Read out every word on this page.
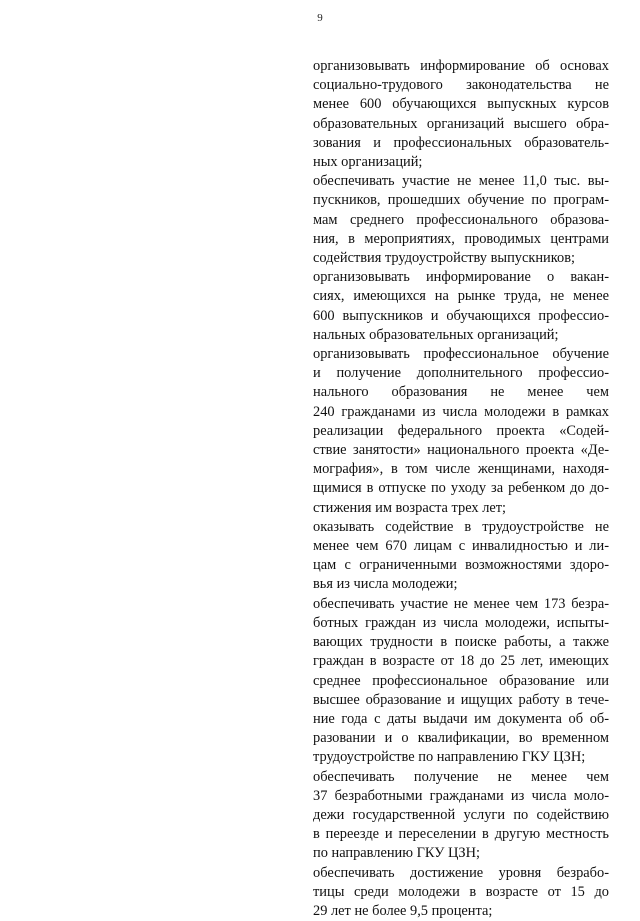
9
организовывать информирование об основах
социально-трудового законодательства не
менее 600 обучающихся выпускных курсов
образовательных организаций высшего обра-
зования и профессиональных образователь-
ных организаций;
обеспечивать участие не менее 11,0 тыс. вы-
пускников, прошедших обучение по програм-
мам среднего профессионального образова-
ния, в мероприятиях, проводимых центрами
содействия трудоустройству выпускников;
организовывать информирование о вакан-
сиях, имеющихся на рынке труда, не менее
600 выпускников и обучающихся профессио-
нальных образовательных организаций;
организовывать профессиональное обучение
и получение дополнительного профессио-
нального образования не менее чем
240 гражданами из числа молодежи в рамках
реализации федерального проекта «Содей-
ствие занятости» национального проекта «Де-
мография», в том числе женщинами, находя-
щимися в отпуске по уходу за ребенком до до-
стижения им возраста трех лет;
оказывать содействие в трудоустройстве не
менее чем 670 лицам с инвалидностью и ли-
цам с ограниченными возможностями здоро-
вья из числа молодежи;
обеспечивать участие не менее чем 173 безра-
ботных граждан из числа молодежи, испыты-
вающих трудности в поиске работы, а также
граждан в возрасте от 18 до 25 лет, имеющих
среднее профессиональное образование или
высшее образование и ищущих работу в тече-
ние года с даты выдачи им документа об об-
разовании и о квалификации, во временном
трудоустройстве по направлению ГКУ ЦЗН;
обеспечивать получение не менее чем
37 безработными гражданами из числа моло-
дежи государственной услуги по содействию
в переезде и переселении в другую местность
по направлению ГКУ ЦЗН;
обеспечивать достижение уровня безрабо-
тицы среди молодежи в возрасте от 15 до
29 лет не более 9,5 процента;
